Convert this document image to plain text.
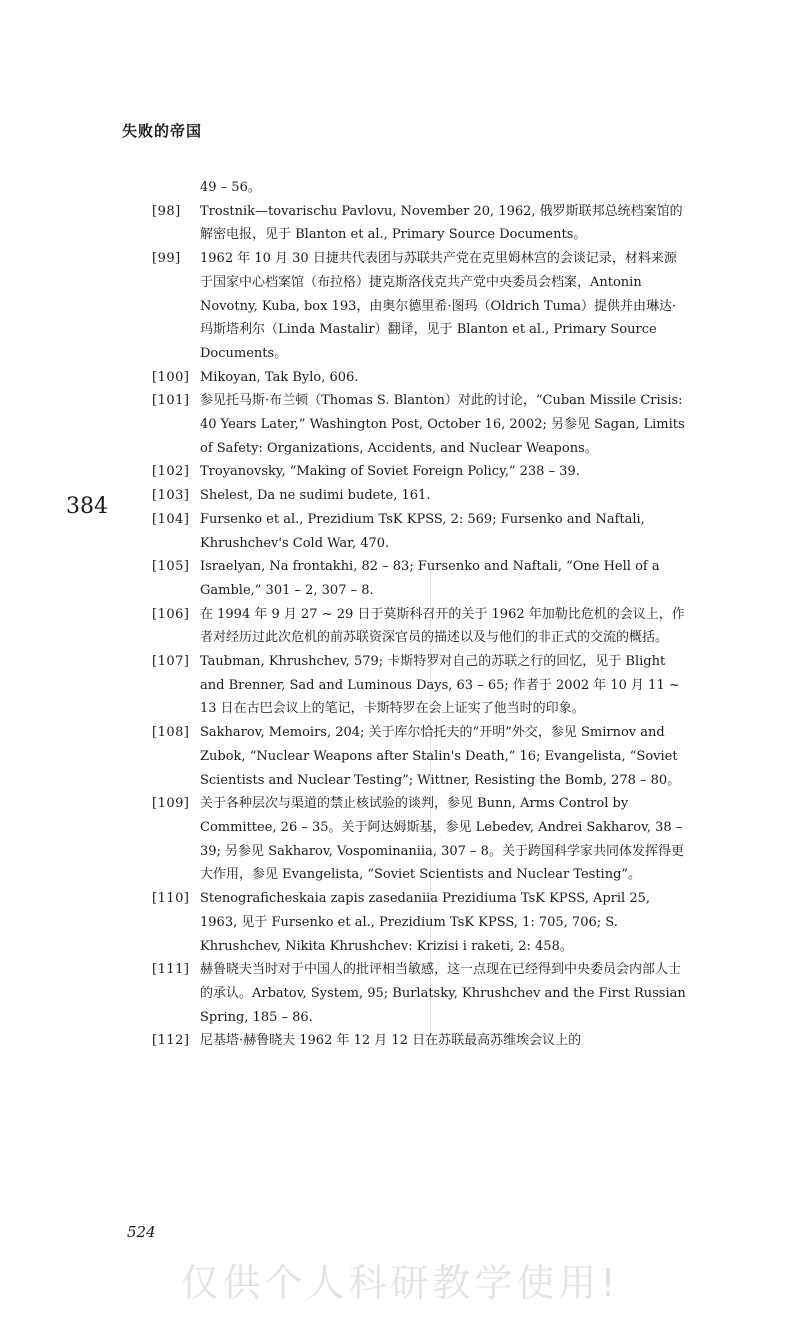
失败的帝国
384

49 – 56。

[98]	Trostnik—tovarischu Pavlovu, November 20, 1962, 俄罗斯联邦总统档案馆的解密电报，见于 Blanton et al., Primary Source Documents。

[99]	1962 年 10 月 30 日捷共代表团与苏联共产党在克里姆林宫的会谈记录，材料来源于国家中心档案馆（布拉格）捷克斯洛伐克共产党中央委员会档案，Antonin Novotny, Kuba, box 193，由奥尔德里希·图玛（Oldrich Tuma）提供并由琳达·玛斯塔利尔（Linda Mastalir）翻译，见于 Blanton et al., Primary Source Documents。

[100] Mikoyan, Tak Bylo, 606.

[101] 参见托马斯·布兰顿（Thomas S. Blanton）对此的讨论，“Cuban Missile Crisis: 40 Years Later,” Washington Post, October 16, 2002; 另参见 Sagan, Limits of Safety: Organizations, Accidents, and Nuclear Weapons。

[102] Troyanovsky, “Making of Soviet Foreign Policy,” 238 – 39.

[103] Shelest, Da ne sudimi budete, 161.

[104] Fursenko et al., Prezidium TsK KPSS, 2: 569; Fursenko and Naftali, Khrushchev's Cold War, 470.

[105] Israelyan, Na frontakhi, 82 – 83; Fursenko and Naftali, “One Hell of a Gamble,” 301 – 2, 307 – 8.

[106] 在 1994 年 9 月 27 ~ 29 日于莫斯科召开的关于 1962 年加勒比危机的会议上，作者对经历过此次危机的前苏联资深官员的描述以及与他们的非正式的交流的概括。

[107] Taubman, Khrushchev, 579; 卡斯特罗对自己的苏联之行的回忆，见于 Blight and Brenner, Sad and Luminous Days, 63 – 65; 作者于 2002 年 10 月 11 ~ 13 日在古巴会议上的笔记，卡斯特罗在会上证实了他当时的印象。

[108] Sakharov, Memoirs, 204; 关于库尔恰托夫的“开明”外交，参见 Smirnov and Zubok, “Nuclear Weapons after Stalin's Death,” 16; Evangelista, “Soviet Scientists and Nuclear Testing”; Wittner, Resisting the Bomb, 278 – 80。

[109] 关于各种层次与渠道的禁止核试验的谈判，参见 Bunn, Arms Control by Committee, 26 – 35。关于阿达姆斯基，参见 Lebedev, Andrei Sakharov, 38 – 39; 另参见 Sakharov, Vospominaniia, 307 – 8。关于跨国科学家共同体发挥得更大作用，参见 Evangelista, “Soviet Scientists and Nuclear Testing”。

[110] Stenograficheskaia zapis zasedaniia Prezidiuma TsK KPSS, April 25, 1963, 见于 Fursenko et al., Prezidium TsK KPSS, 1: 705, 706; S. Khrushchev, Nikita Khrushchev: Krizisi i raketi, 2: 458。

[111] 赫鲁晓夫当时对于中国人的批评相当敏感，这一点现在已经得到中央委员会内部人士的承认。Arbatov, System, 95; Burlatsky, Khrushchev and the First Russian Spring, 185 – 86.

[112] 尼基塔·赫鲁晓夫 1962 年 12 月 12 日在苏联最高苏维埃会议上的

524
仅供个人科研教学使用!
